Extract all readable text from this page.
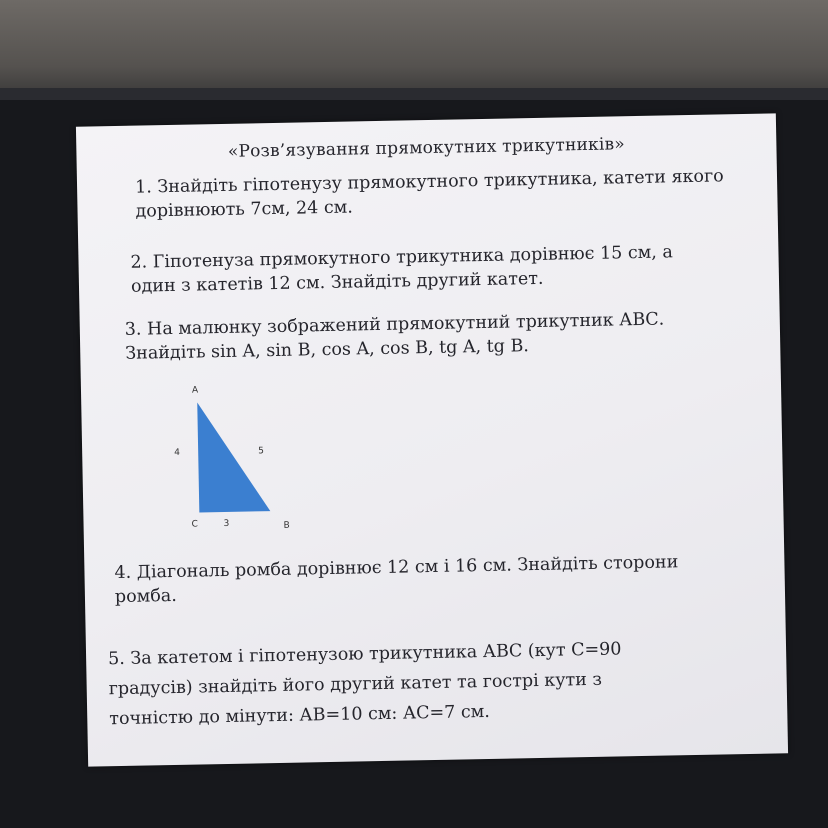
«Розв’язування прямокутних трикутників»
1. Знайдіть гіпотенузу прямокутного трикутника, катети якого
дорівнюють 7см, 24 см.
2. Гіпотенуза прямокутного трикутника дорівнює 15 см, а
один з катетів 12 см. Знайдіть другий катет.
3. На малюнку зображений прямокутний трикутник АВС.
Знайдіть sin A, sin B, cos A, cos B, tg A, tg B.
A
4	5
C	3	B
4. Діагональ ромба дорівнює 12 см і 16 см. Знайдіть сторони
ромба.
5. За катетом і гіпотенузою трикутника АВС (кут С=90
градусів) знайдіть його другий катет та гострі кути з
точністю до мінути: АВ=10 см: АС=7 см.
